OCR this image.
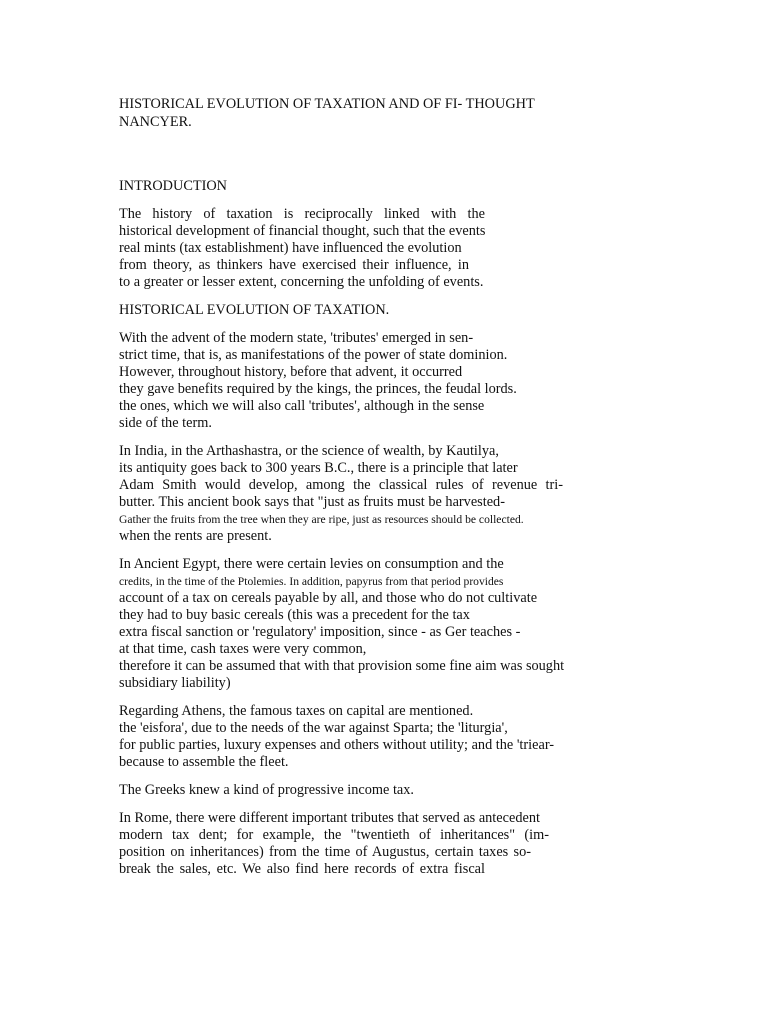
HISTORICAL EVOLUTION OF TAXATION AND OF FI- THOUGHT
NANCYER.
INTRODUCTION
The history of taxation is reciprocally linked with the
historical development of financial thought, such that the events
real mints (tax establishment) have influenced the evolution
from theory, as thinkers have exercised their influence, in
to a greater or lesser extent, concerning the unfolding of events.
HISTORICAL EVOLUTION OF TAXATION.
With the advent of the modern state, 'tributes' emerged in sen-
strict time, that is, as manifestations of the power of state dominion.
However, throughout history, before that advent, it occurred
they gave benefits required by the kings, the princes, the feudal lords.
the ones, which we will also call 'tributes', although in the sense
side of the term.
In India, in the Arthashastra, or the science of wealth, by Kautilya,
its antiquity goes back to 300 years B.C., there is a principle that later
Adam Smith would develop, among the classical rules of revenue tri-
butter. This ancient book says that "just as fruits must be harvested-
Gather the fruits from the tree when they are ripe, just as resources should be collected.
when the rents are present.
In Ancient Egypt, there were certain levies on consumption and the
credits, in the time of the Ptolemies. In addition, papyrus from that period provides
account of a tax on cereals payable by all, and those who do not cultivate
they had to buy basic cereals (this was a precedent for the tax
extra fiscal sanction or 'regulatory' imposition, since - as Ger teaches -
at that time, cash taxes were very common,
therefore it can be assumed that with that provision some fine aim was sought
subsidiary liability)
Regarding Athens, the famous taxes on capital are mentioned.
the 'eisfora', due to the needs of the war against Sparta; the 'liturgia',
for public parties, luxury expenses and others without utility; and the 'triear-
because to assemble the fleet.
The Greeks knew a kind of progressive income tax.
In Rome, there were different important tributes that served as antecedent
modern tax dent; for example, the "twentieth of inheritances" (im-
position on inheritances) from the time of Augustus, certain taxes so-
break the sales, etc. We also find here records of extra fiscal
